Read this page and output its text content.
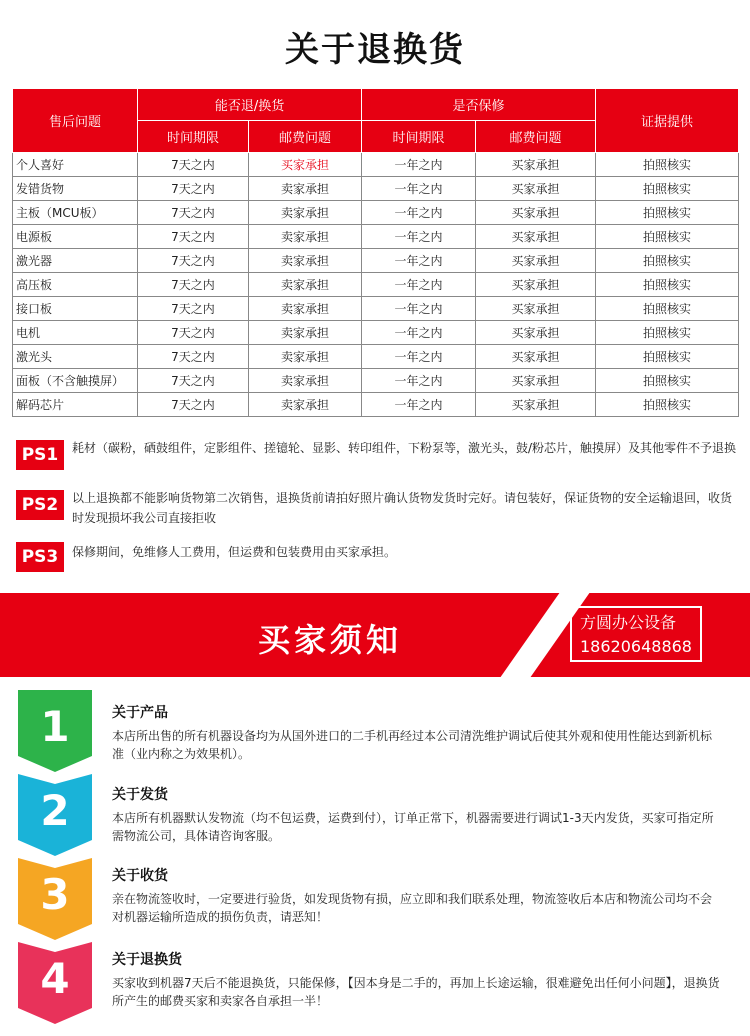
关于退换货
售后问题	能否退/换货		是否保修		证据提供
	时间期限	邮费问题	时间期限	邮费问题	
个人喜好	7天之内	买家承担	一年之内	买家承担	拍照核实
发错货物	7天之内	卖家承担	一年之内	买家承担	拍照核实
主板（MCU板）	7天之内	卖家承担	一年之内	买家承担	拍照核实
电源板	7天之内	卖家承担	一年之内	买家承担	拍照核实
激光器	7天之内	卖家承担	一年之内	买家承担	拍照核实
高压板	7天之内	卖家承担	一年之内	买家承担	拍照核实
接口板	7天之内	卖家承担	一年之内	买家承担	拍照核实
电机	7天之内	卖家承担	一年之内	买家承担	拍照核实
激光头	7天之内	卖家承担	一年之内	买家承担	拍照核实
面板（不含触摸屏）	7天之内	卖家承担	一年之内	买家承担	拍照核实
解码芯片	7天之内	卖家承担	一年之内	买家承担	拍照核实
PS1	耗材（碳粉，硒鼓组件，定影组件、搓镱轮、显影、转印组件，下粉泵等，激光头，鼓/粉芯片，触摸屏）及其他零件不予退换
PS2	以上退换都不能影响货物第二次销售，退换货前请拍好照片确认货物发货时完好。请包装好，保证货物的安全运输退回，收货时发现损坏我公司直接拒收
PS3	保修期间，免维修人工费用，但运费和包装费用由买家承担。
买家须知	方圆办公设备
18620648868
1
2
3
4
关于产品
本店所出售的所有机器设备均为从国外进口的二手机再经过本公司清洗维护调试后使其外观和使用性能达到新机标准（业内称之为效果机）。
关于发货
本店所有机器默认发物流（均不包运费，运费到付），订单正常下，机器需要进行调试1-3天内发货，买家可指定所需物流公司，具体请咨询客服。
关于收货
亲在物流签收时，一定要进行验货，如发现货物有损，应立即和我们联系处理，物流签收后本店和物流公司均不会对机器运输所造成的损伤负责，请恶知！
关于退换货
买家收到机器7天后不能退换货，只能保修，【因本身是二手的，再加上长途运输，很难避免出任何小问题】，退换货所产生的邮费买家和卖家各自承担一半！
